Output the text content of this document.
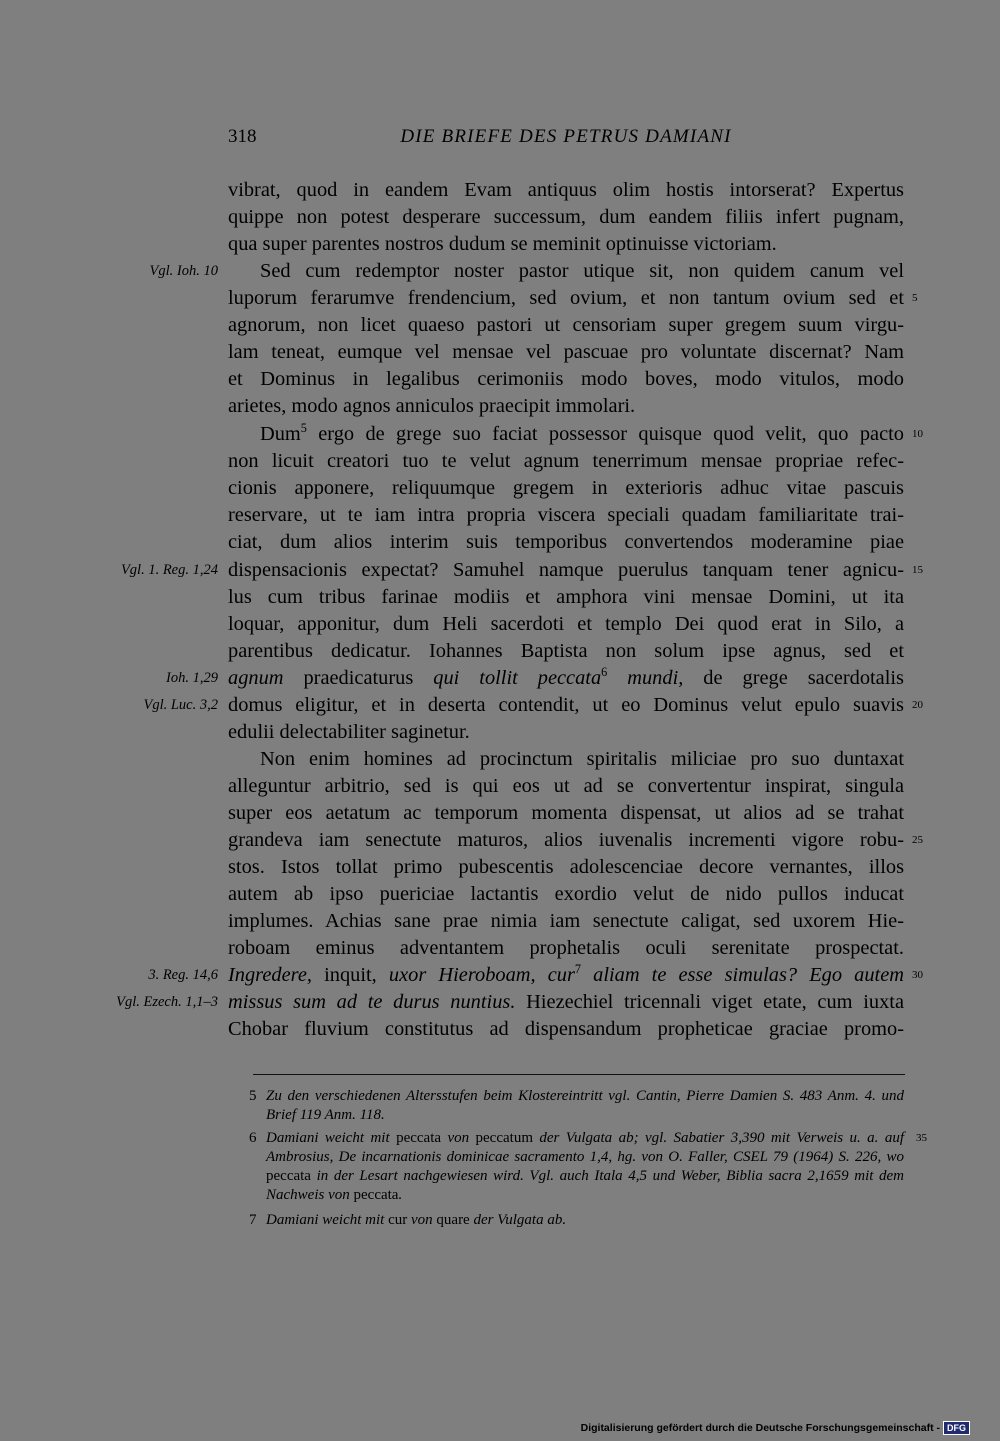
318	DIE BRIEFE DES PETRUS DAMIANI
vibrat, quod in eandem Evam antiquus olim hostis intorserat? Expertus
quippe non potest desperare successum, dum eandem filiis infert pugnam,
qua super parentes nostros dudum se meminit optinuisse victoriam.
Sed cum redemptor noster pastor utique sit, non quidem canum vel
luporum ferarumve frendencium, sed ovium, et non tantum ovium sed et
agnorum, non licet quaeso pastori ut censoriam super gregem suum virgu-
lam teneat, eumque vel mensae vel pascuae pro voluntate discernat? Nam
et Dominus in legalibus cerimoniis modo boves, modo vitulos, modo
arietes, modo agnos anniculos praecipit immolari.
Dum$^5$ ergo de grege suo faciat possessor quisque quod velit, quo pacto
non licuit creatori tuo te velut agnum tenerrimum mensae propriae refec-
cionis apponere, reliquumque gregem in exterioris adhuc vitae pascuis
reservare, ut te iam intra propria viscera speciali quadam familiaritate trai-
ciat, dum alios interim suis temporibus convertendos moderamine piae
dispensacionis expectat? Samuhel namque puerulus tanquam tener agnicu-
lus cum tribus farinae modiis et amphora vini mensae Domini, ut ita
loquar, apponitur, dum Heli sacerdoti et templo Dei quod erat in Silo, a
parentibus dedicatur. Iohannes Baptista non solum ipse agnus, sed et
agnum praedicaturus qui tollit peccata$^6$ mundi, de grege sacerdotalis
domus eligitur, et in deserta contendit, ut eo Dominus velut epulo suavis
edulii delectabiliter saginetur.
Non enim homines ad procinctum spiritalis miliciae pro suo duntaxat
alleguntur arbitrio, sed is qui eos ut ad se convertentur inspirat, singula
super eos aetatum ac temporum momenta dispensat, ut alios ad se trahat
grandeva iam senectute maturos, alios iuvenalis incrementi vigore robu-
stos. Istos tollat primo pubescentis adolescenciae decore vernantes, illos
autem ab ipso puericiae lactantis exordio velut de nido pullos inducat
implumes. Achias sane prae nimia iam senectute caligat, sed uxorem Hie-
roboam eminus adventantem prophetalis oculi serenitate prospectat.
Ingredere, inquit, uxor Hieroboam, cur$^7$ aliam te esse simulas? Ego autem
missus sum ad te durus nuntius. Hiezechiel tricennali viget etate, cum iuxta
Chobar fluvium constitutus ad dispensandum propheticae graciae promo-
Vgl. Ioh. 10
Vgl. 1. Reg. 1,24
Ioh. 1,29
Vgl. Luc. 3,2
3. Reg. 14,6
Vgl. Ezech. 1,1–3
5
10
15
20
25
30
35
5 Zu den verschiedenen Altersstufen beim Klostereintritt vgl. Cantin, Pierre Damien S. 483 Anm. 4. und Brief 119 Anm. 118.
6 Damiani weicht mit peccata von peccatum der Vulgata ab; vgl. Sabatier 3,390 mit Verweis u. a. auf Ambrosius, De incarnationis dominicae sacramento 1,4, hg. von O. Faller, CSEL 79 (1964) S. 226, wo peccata in der Lesart nachgewiesen wird. Vgl. auch Itala 4,5 und Weber, Biblia sacra 2,1659 mit dem Nachweis von peccata.
7 Damiani weicht mit cur von quare der Vulgata ab.
Digitalisierung gefördert durch die Deutsche Forschungsgemeinschaft - DFG
